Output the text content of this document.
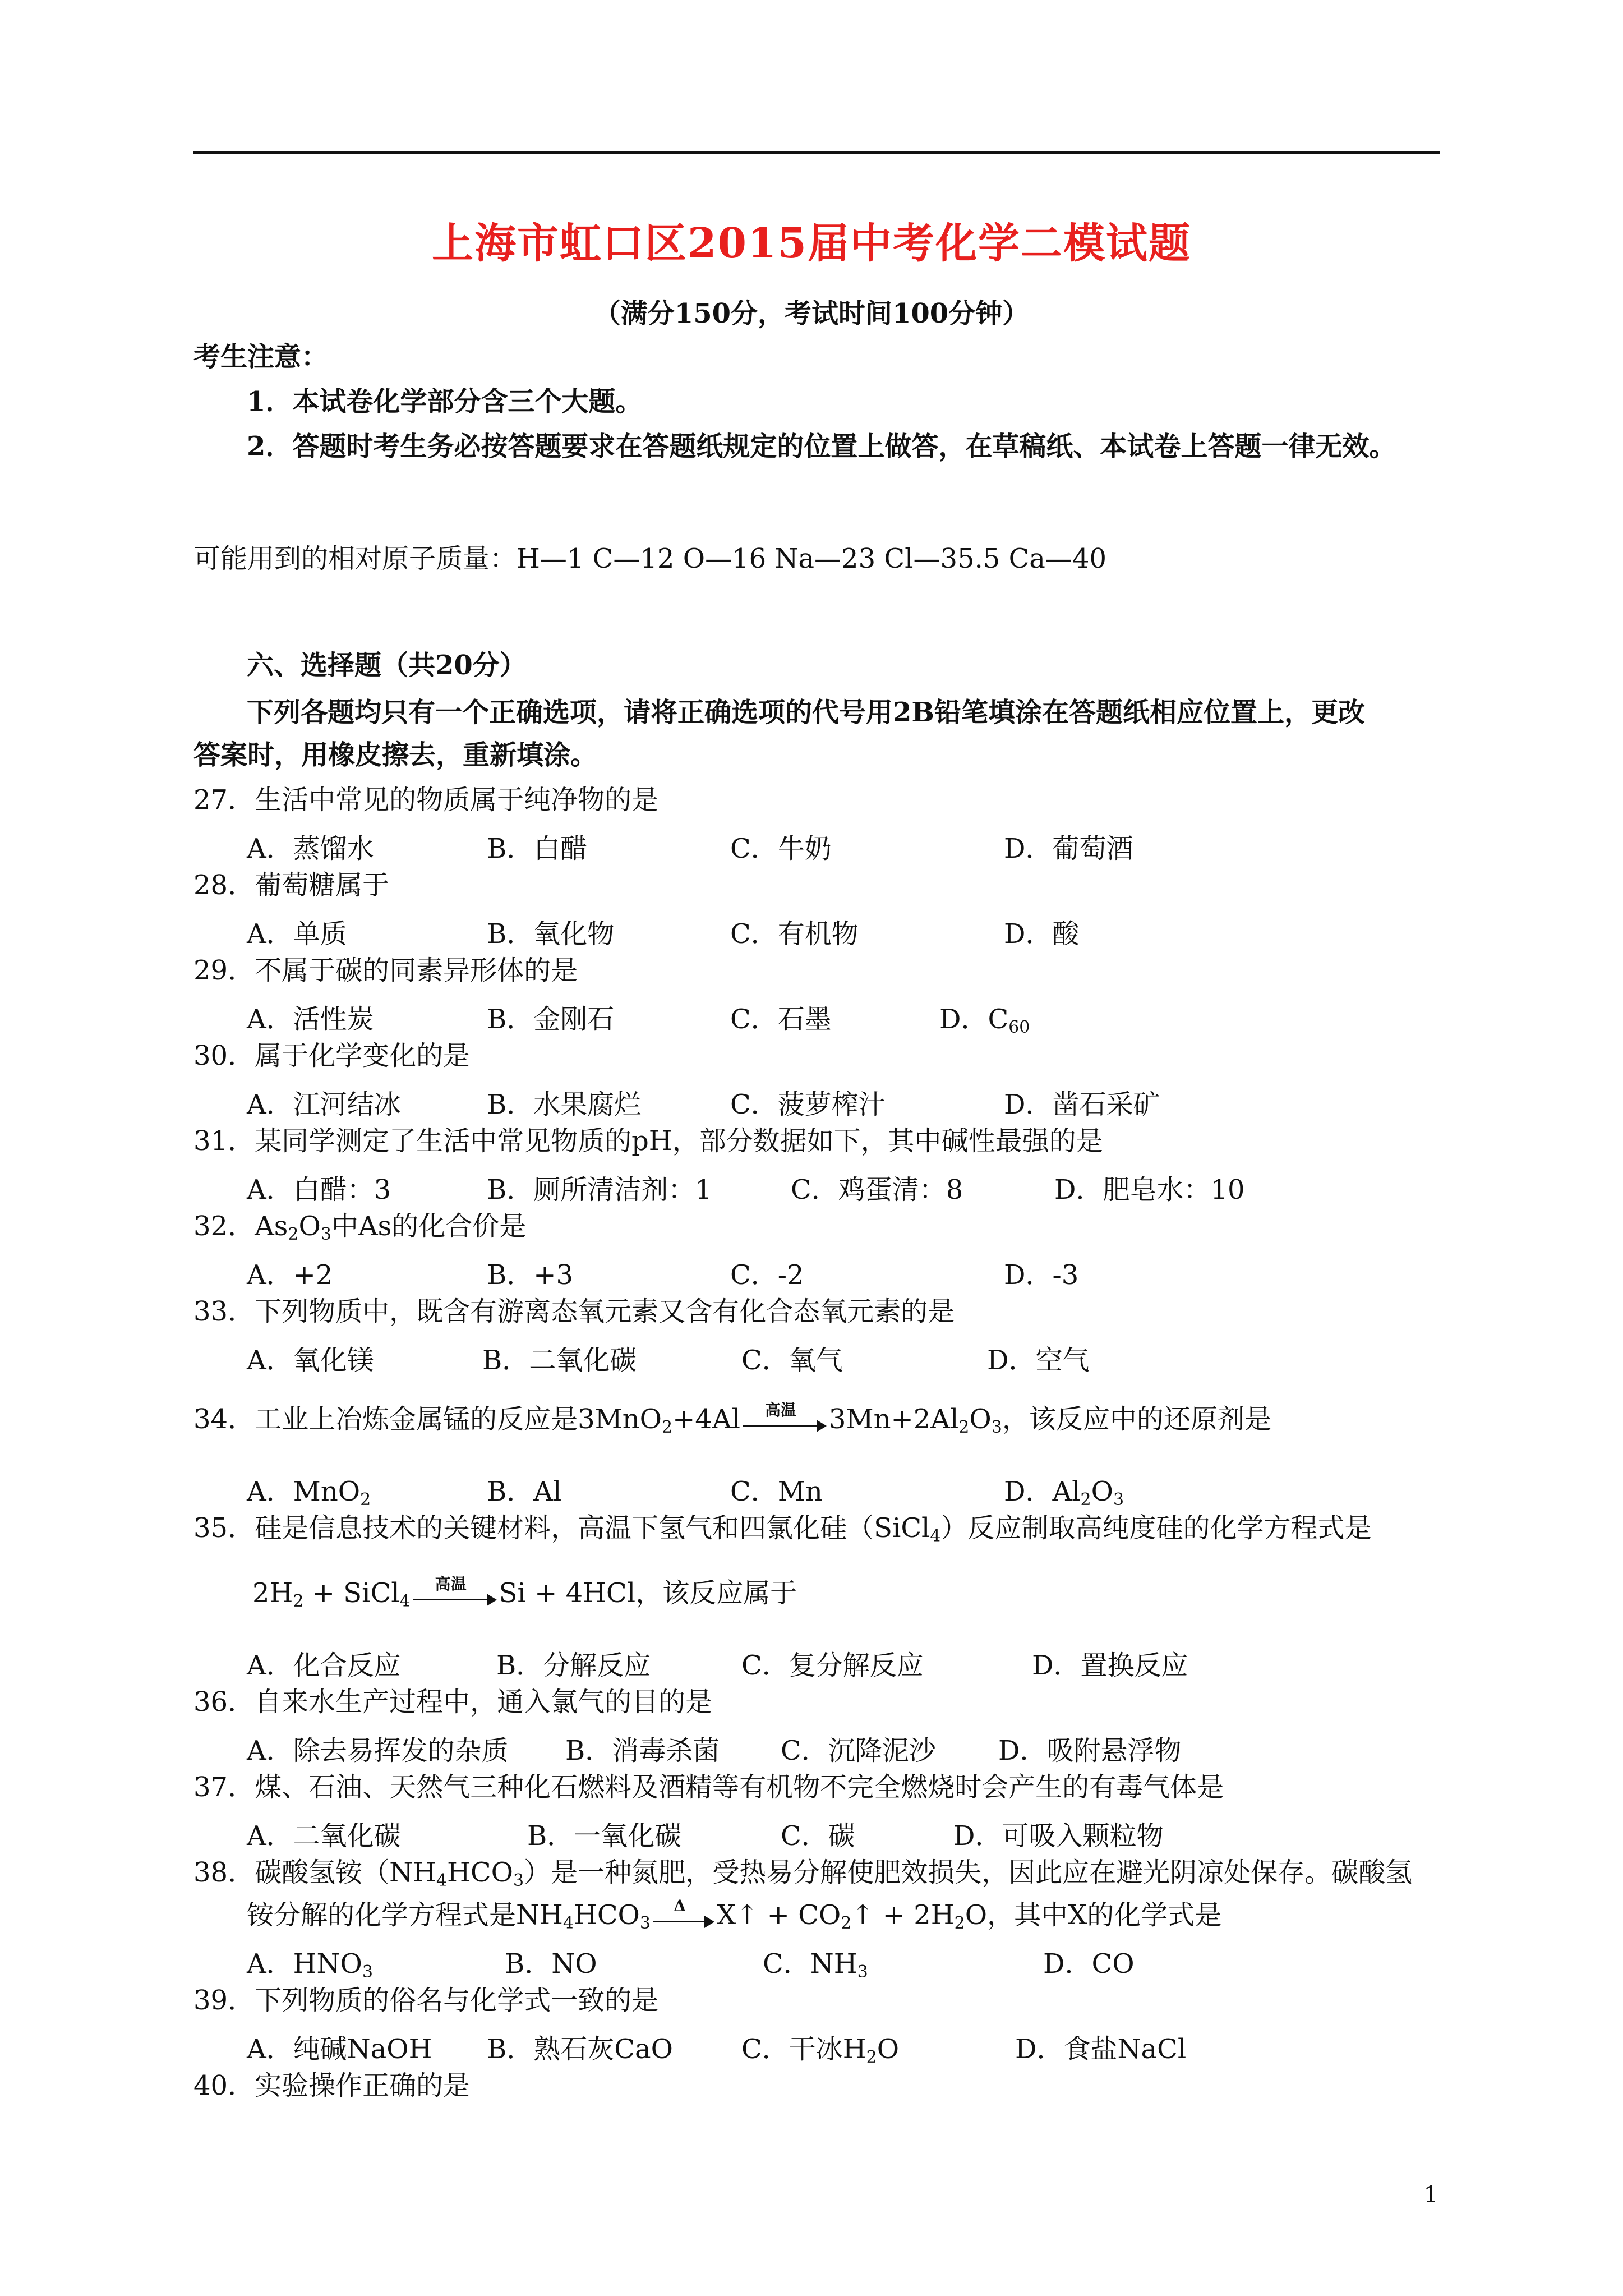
上海市虹口区2015届中考化学二模试题
（满分150分，考试时间100分钟）
考生注意：
1．本试卷化学部分含三个大题。
2．答题时考生务必按答题要求在答题纸规定的位置上做答，在草稿纸、本试卷上答题一律无效。
可能用到的相对原子质量：H—1 C—12 O—16 Na—23 Cl—35.5 Ca—40
六、选择题（共20分）
下列各题均只有一个正确选项，请将正确选项的代号用2B铅笔填涂在答题纸相应位置上，更改
答案时，用橡皮擦去，重新填涂。
27．生活中常见的物质属于纯净物的是
A．蒸馏水	B．白醋	C．牛奶	D．葡萄酒
28．葡萄糖属于
A．单质	B．氧化物	C．有机物	D．酸
29．不属于碳的同素异形体的是
A．活性炭	B．金刚石	C．石墨	D．$C_{60}$
30．属于化学变化的是
A．江河结冰	B．水果腐烂	C．菠萝榨汁	D．凿石采矿
31．某同学测定了生活中常见物质的pH，部分数据如下，其中碱性最强的是
A．白醋：3	B．厕所清洁剂：1	C．鸡蛋清：8	D．肥皂水：10
32．$As_2O_3$中As的化合价是
A．+2	B．+3	C．-2	D．-3
33．下列物质中，既含有游离态氧元素又含有化合态氧元素的是
A．氧化镁	B．二氧化碳	C．氧气	D．空气
34．工业上冶炼金属锰的反应是3MnO$_2$+4Al	高温	$3Mn+2Al_2O_3$，该反应中的还原剂是
A．MnO$_2$	B．Al	C．Mn	D．$Al_2O_3$
35．硅是信息技术的关键材料，高温下氢气和四氯化硅（SiCl$_4$）反应制取高纯度硅的化学方程式是
$2H_2$ + SiCl$_4$
高温	Si + 4HCl，该反应属于
A．化合反应	B．分解反应	C．复分解反应	D．置换反应
36．自来水生产过程中，通入氯气的目的是
A．除去易挥发的杂质 B．消毒杀菌 C．沉降泥沙 D．吸附悬浮物
37．煤、石油、天然气三种化石燃料及酒精等有机物不完全燃烧时会产生的有毒气体是
A．二氧化碳	B．一氧化碳	C．碳	D．可吸入颗粒物
38．碳酸氢铵$(NH_4HCO_3)$是一种氮肥，受热易分解使肥效损失，因此应在避光阴凉处保存。碳酸氢
铵分解的化学方程式是$NH_4HCO_3$
Δ	X↑ + $CO_2↑ + 2H_2O$，其中X的化学式是
A．$HNO_3$	B．NO	C．$NH_3$	D．CO
39．下列物质的俗名与化学式一致的是
A．纯碱NaOH B．熟石灰CaO	C．干冰$H_2O$	D．食盐NaCl
40．实验操作正确的是
1
